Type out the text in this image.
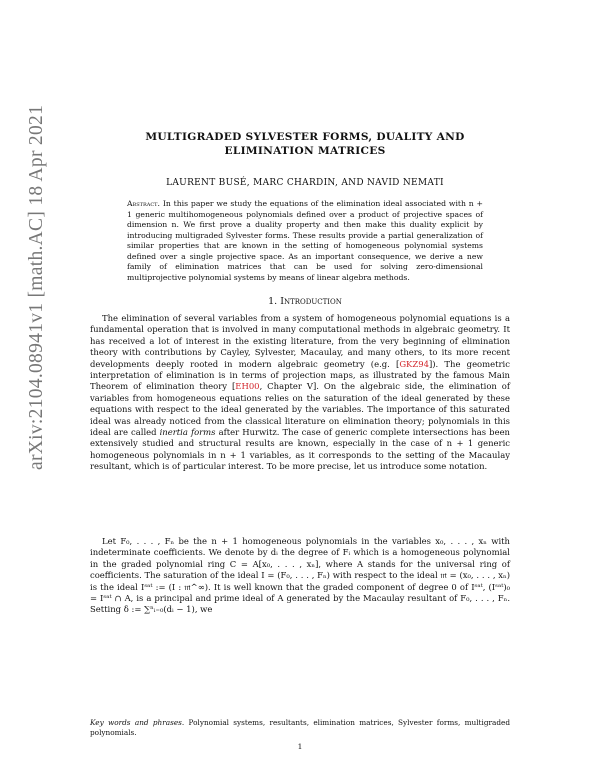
arXiv:2104.08941v1 [math.AC] 18 Apr 2021	MULTIGRADED SYLVESTER FORMS, DUALITY AND ELIMINATION MATRICES
LAURENT BUSÉ, MARC CHARDIN, AND NAVID NEMATI

Abstract. In this paper we study the equations of the elimination ideal associated with n + 1 generic multihomogeneous polynomials defined over a product of projective spaces of dimension n. We first prove a duality property and then make this duality explicit by introducing multigraded Sylvester forms. These results provide a partial generalization of similar properties that are known in the setting of homogeneous polynomial systems defined over a single projective space. As an important consequence, we derive a new family of elimination matrices that can be used for solving zero-dimensional multiprojective polynomial systems by means of linear algebra methods.

1. Introduction

The elimination of several variables from a system of homogeneous polynomial equations is a fundamental operation that is involved in many computational methods in algebraic geometry. It has received a lot of interest in the existing literature, from the very beginning of elimination theory with contributions by Cayley, Sylvester, Macaulay, and many others, to its more recent developments deeply rooted in modern algebraic geometry (e.g. [GKZ94]). The geometric interpretation of elimination is in terms of projection maps, as illustrated by the famous Main Theorem of elimination theory [EH00, Chapter V]. On the algebraic side, the elimination of variables from homogeneous equations relies on the saturation of the ideal generated by these equations with respect to the ideal generated by the variables. The importance of this saturated ideal was already noticed from the classical literature on elimination theory; polynomials in this ideal are called inertia forms after Hurwitz. The case of generic complete intersections has been extensively studied and structural results are known, especially in the case of n + 1 generic homogeneous polynomials in n + 1 variables, as it corresponds to the setting of the Macaulay resultant, which is of particular interest. To be more precise, let us introduce some notation.

Let F₀, . . . , Fₙ be the n + 1 homogeneous polynomials in the variables x₀, . . . , xₙ with indeterminate coefficients. We denote by dᵢ the degree of Fᵢ which is a homogeneous polynomial in the graded polynomial ring C = A[x₀, . . . , xₙ], where A stands for the universal ring of coefficients. The saturation of the ideal I = (F₀, . . . , Fₙ) with respect to the ideal 𝔪 = (x₀, . . . , xₙ) is the ideal Iˢᵃᵗ := (I : 𝔪^∞). It is well known that the graded component of degree 0 of Iˢᵃᵗ, (Iˢᵃᵗ)₀ = Iˢᵃᵗ ∩ A, is a principal and prime ideal of A generated by the Macaulay resultant of F₀, . . . , Fₙ. Setting δ := ∑ⁿᵢ₌₀(dᵢ − 1), we

Key words and phrases. Polynomial systems, resultants, elimination matrices, Sylvester forms, multigraded polynomials.

1
